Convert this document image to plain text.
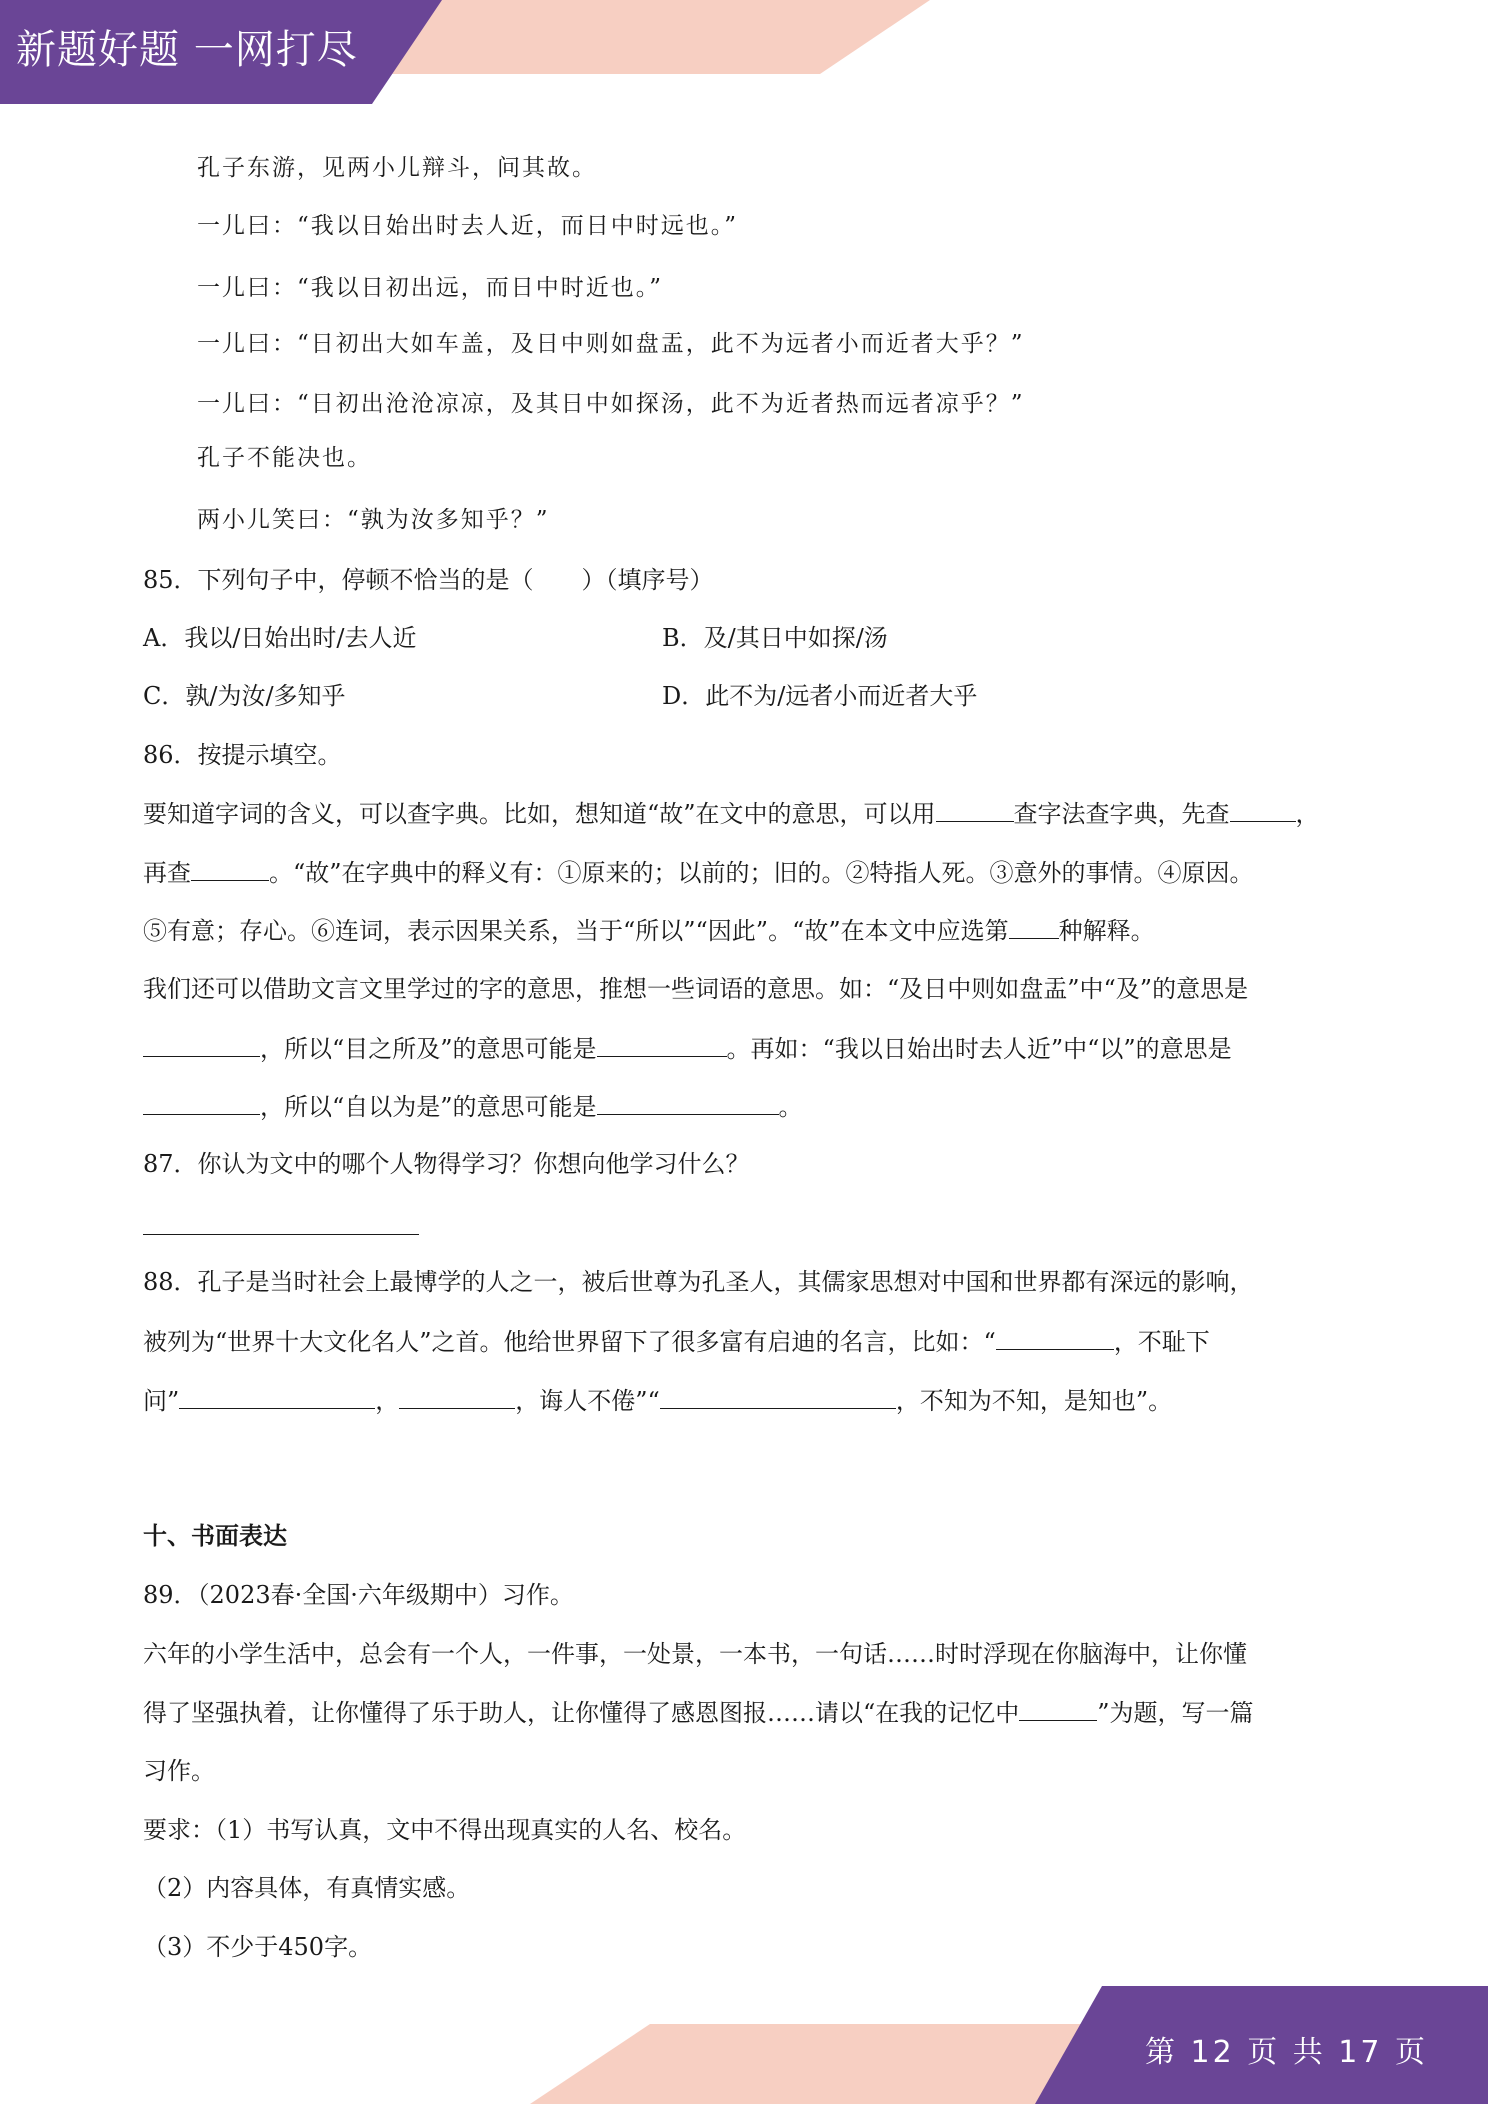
新题好题 一网打尽
孔子东游，见两小儿辩斗，问其故。
一儿曰：“我以日始出时去人近，而日中时远也。”
一儿曰：“我以日初出远，而日中时近也。”
一儿曰：“日初出大如车盖，及日中则如盘盂，此不为远者小而近者大乎？”
一儿曰：“日初出沧沧凉凉，及其日中如探汤，此不为近者热而远者凉乎？”
孔子不能决也。
两小儿笑曰：“孰为汝多知乎？”
85．下列句子中，停顿不恰当的是（　　）（填序号）
A．我以/日始出时/去人近	B．及/其日中如探/汤
C．孰/为汝/多知乎	D．此不为/远者小而近者大乎
86．按提示填空。
要知道字词的含义，可以查字典。比如，想知道“故”在文中的意思，可以用	查字法查字典，先查	，
再查	。“故”在字典中的释义有：①原来的；以前的；旧的。②特指人死。③意外的事情。④原因。
⑤有意；存心。⑥连词，表示因果关系，当于“所以”“因此”。“故”在本文中应选第 种解释。
我们还可以借助文言文里学过的字的意思，推想一些词语的意思。如：“及日中则如盘盂”中“及”的意思是
，所以“目之所及”的意思可能是	。再如：“我以日始出时去人近”中“以”的意思是
，所以“自以为是”的意思可能是	。
87．你认为文中的哪个人物得学习？你想向他学习什么？
88．孔子是当时社会上最博学的人之一，被后世尊为孔圣人，其儒家思想对中国和世界都有深远的影响，
被列为“世界十大文化名人”之首。他给世界留下了很多富有启迪的名言，比如：“	，不耻下
问”	，	，诲人不倦”“	，不知为不知，是知也”。
十、书面表达
89．（2023春·全国·六年级期中）习作。
六年的小学生活中，总会有一个人，一件事，一处景，一本书，一句话……时时浮现在你脑海中，让你懂
得了坚强执着，让你懂得了乐于助人，让你懂得了感恩图报……请以“在我的记忆中	”为题，写一篇
习作。
要求：（1）书写认真，文中不得出现真实的人名、校名。
（2）内容具体，有真情实感。
（3）不少于450字。
第 12 页 共 17 页
